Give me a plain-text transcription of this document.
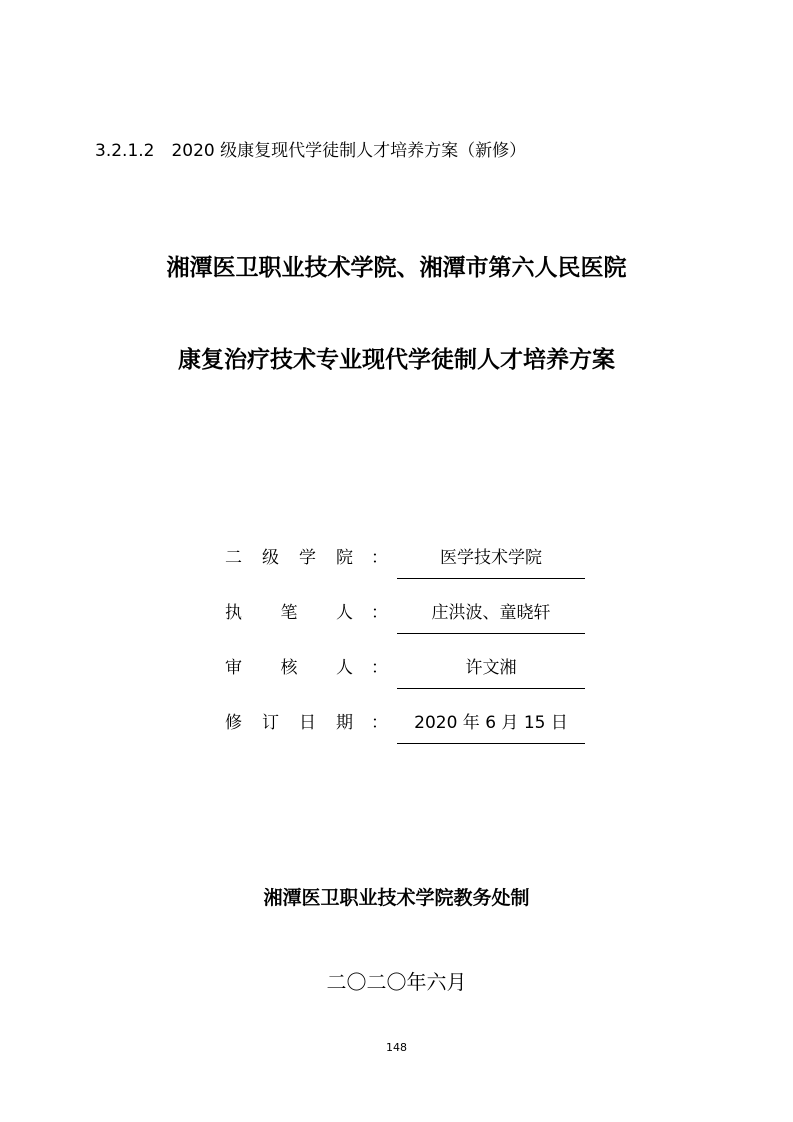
3.2.1.2　2020 级康复现代学徒制人才培养方案（新修）
湘潭医卫职业技术学院、湘潭市第六人民医院
康复治疗技术专业现代学徒制人才培养方案
二 级 学 院 ：	医学技术学院
执 笔 人 ：	庄洪波、童晓轩
审 核 人 ：	许文湘
修 订 日 期 ：	2020 年 6 月 15 日
湘潭医卫职业技术学院教务处制
二〇二〇年六月
148
